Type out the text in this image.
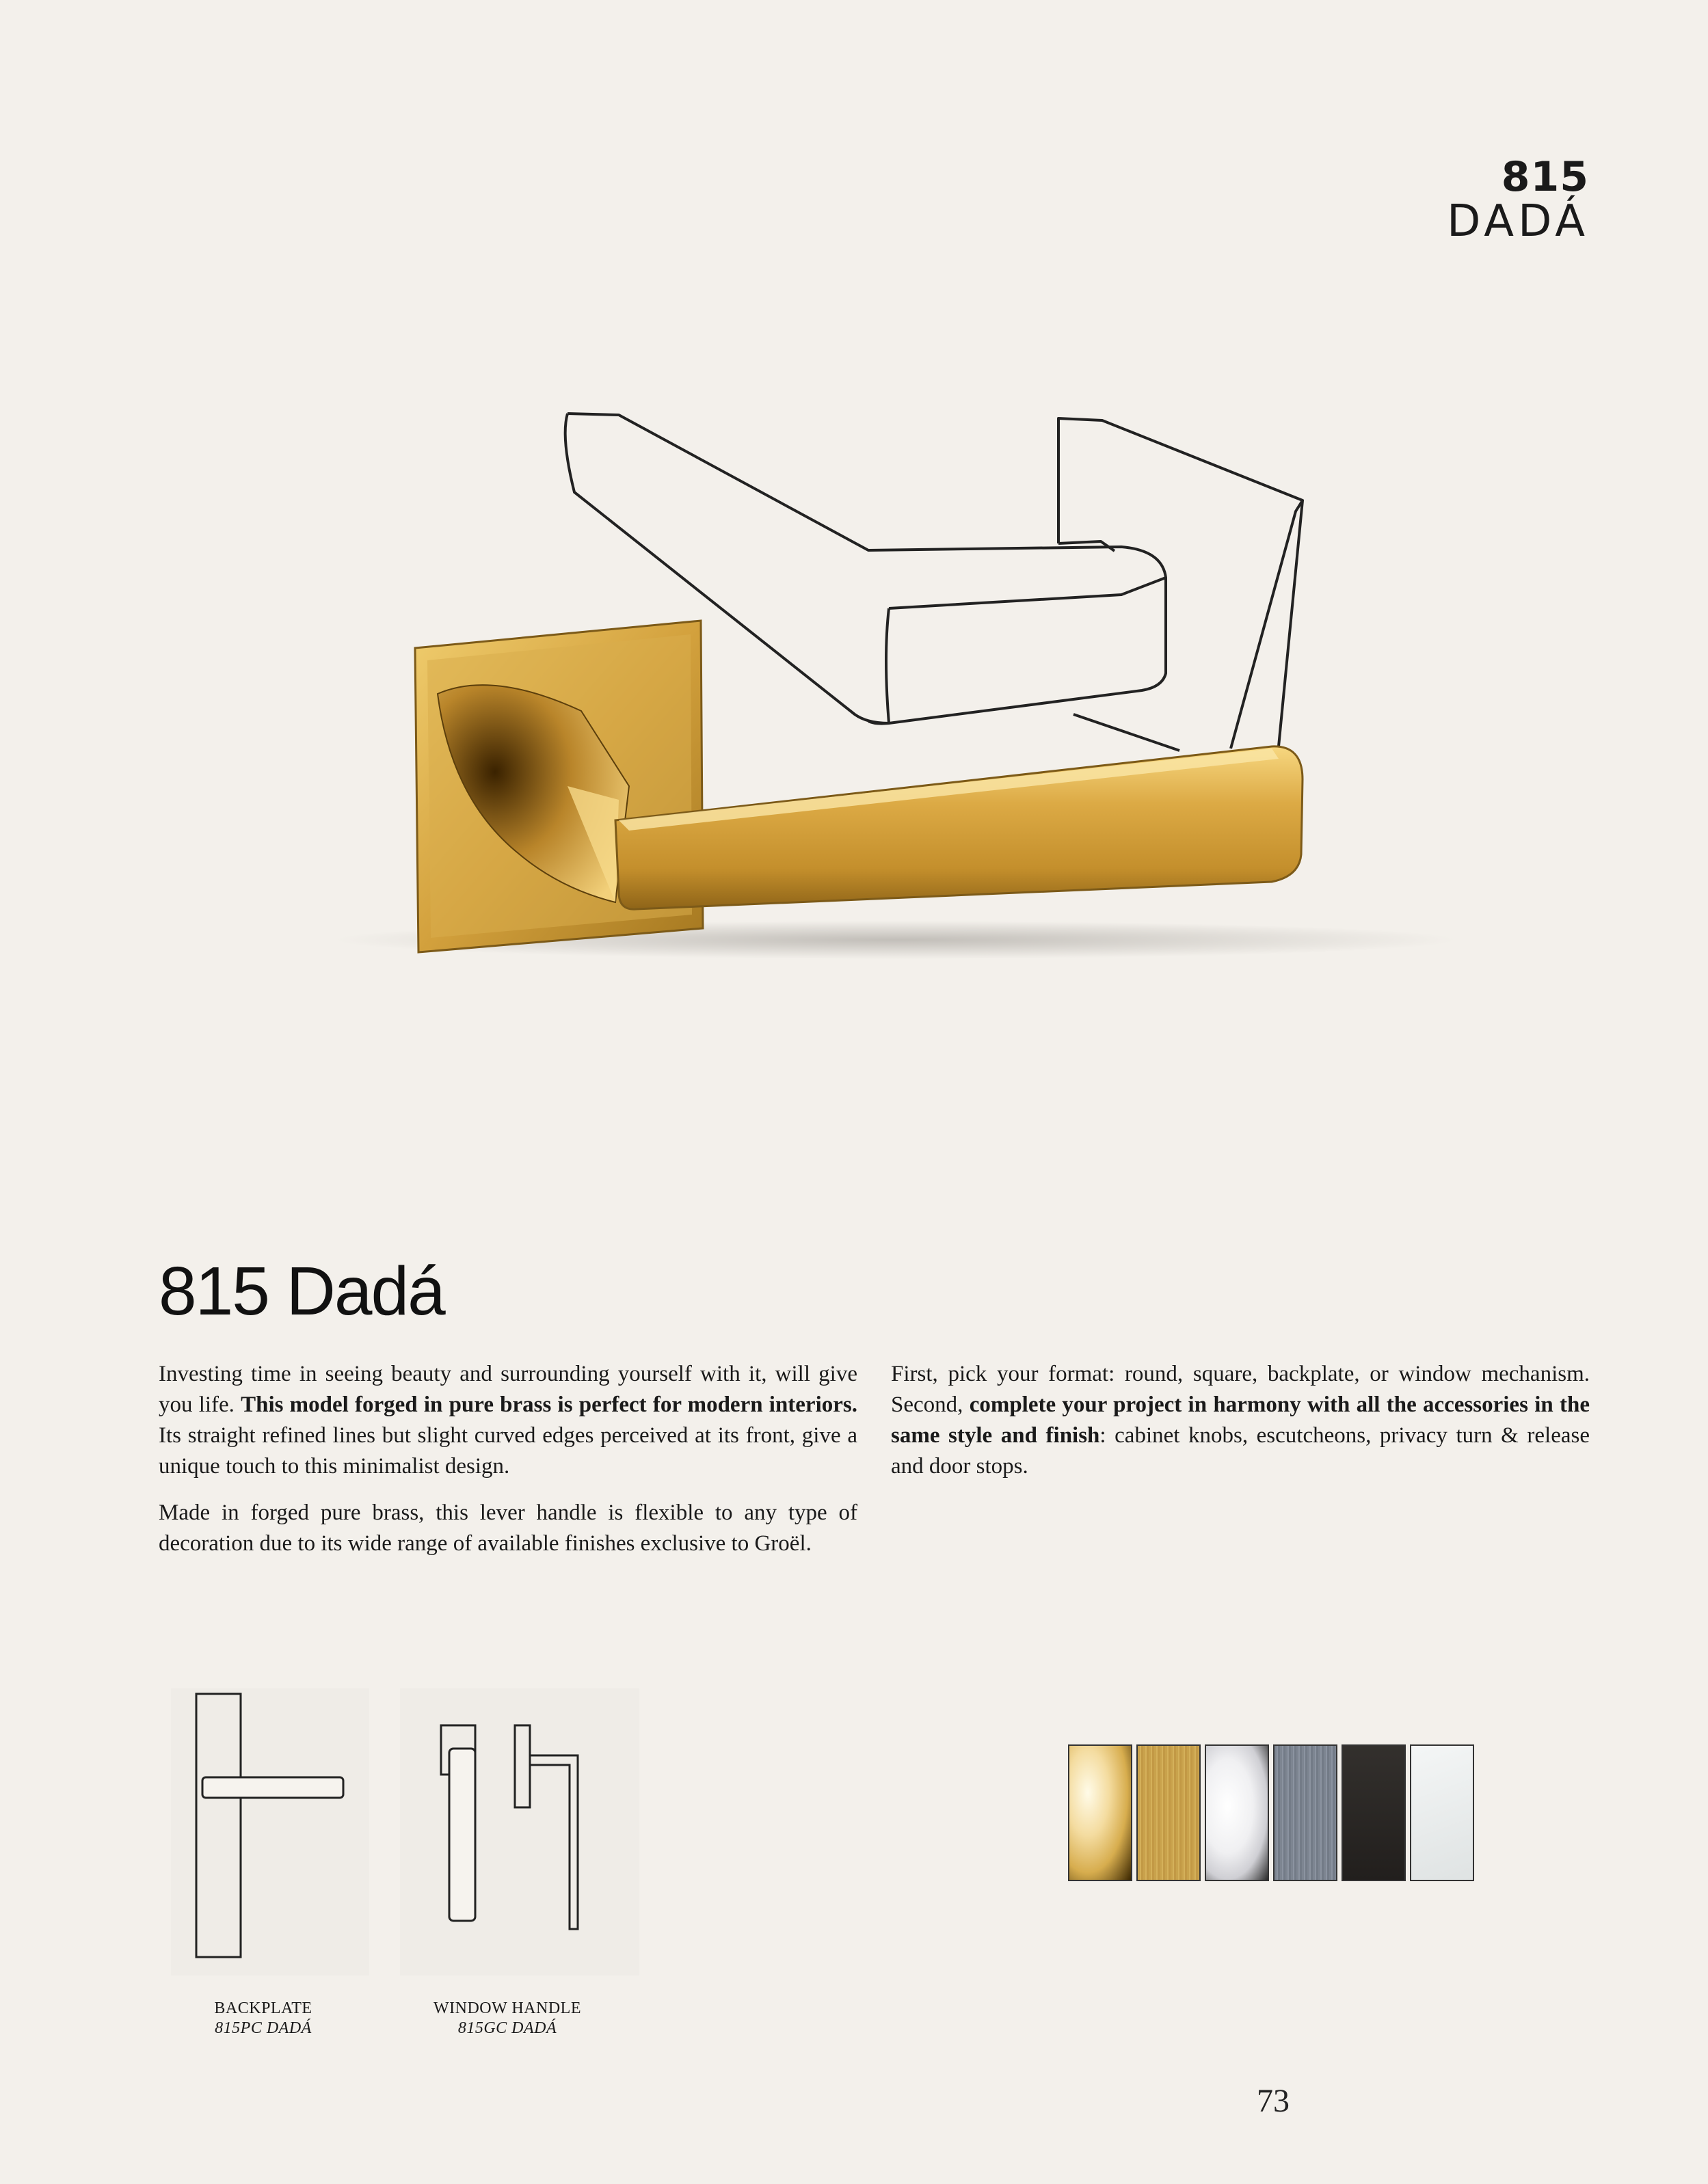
815
DADÁ
815 Dadá

Investing time in seeing beauty and surrounding yourself with it, will give you life. This model forged in pure brass is perfect for modern interiors. Its straight refined lines but slight curved edges perceived at its front, give a unique touch to this minimalist design.

Made in forged pure brass, this lever handle is flexible to any type of decoration due to its wide range of available finishes exclusive to Groël.

First, pick your format: round, square, backplate, or window mechanism. Second, complete your project in harmony with all the accessories in the same style and finish: cabinet knobs, escutcheons, privacy turn & release and door stops.

BACKPLATE
815PC DADÁ
WINDOW HANDLE
815GC DADÁ
73
